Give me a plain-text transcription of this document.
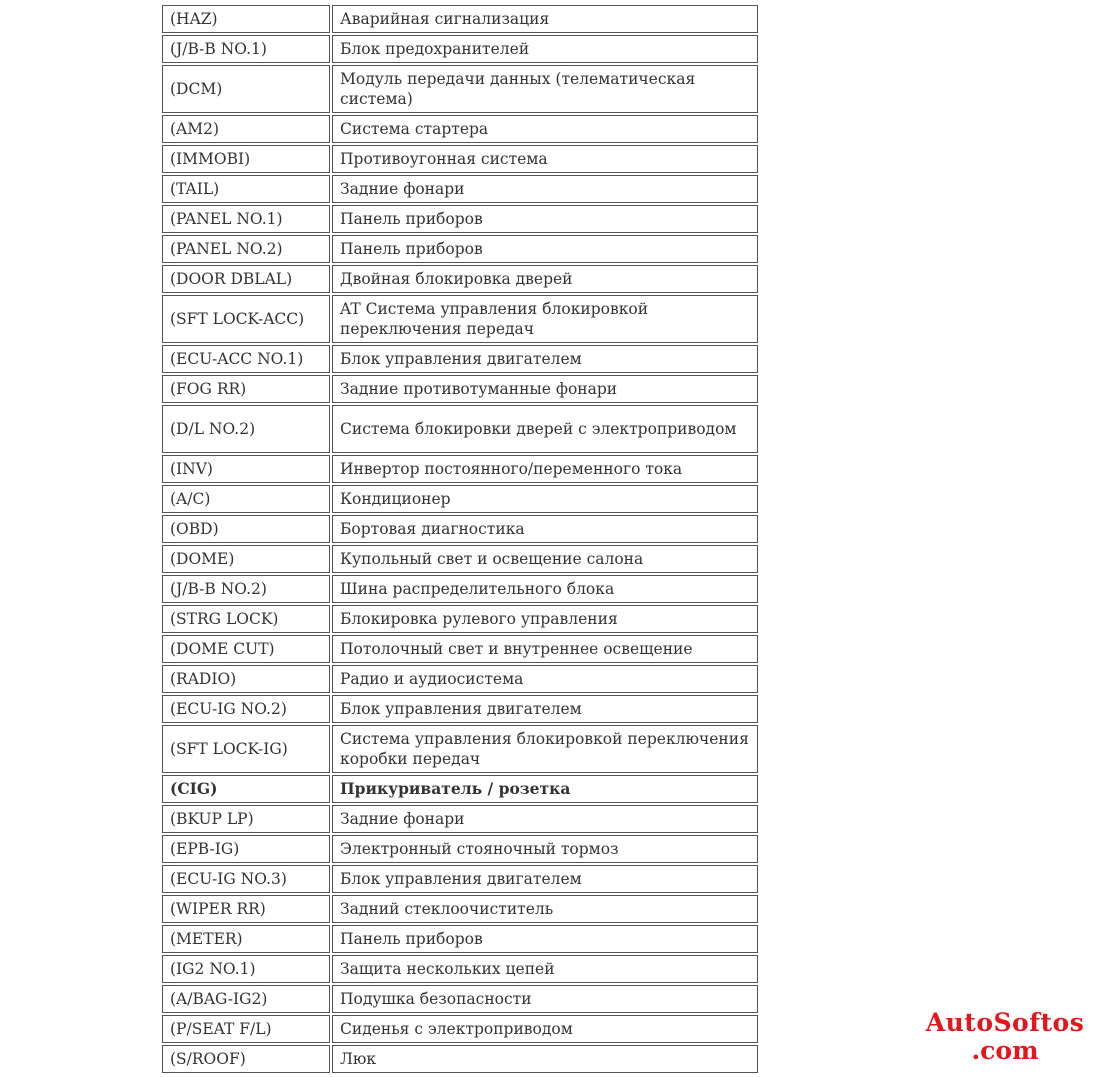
(HAZ)	Аварийная сигнализация
(J/B-B NO.1)	Блок предохранителей
(DCM)	Модуль передачи данных (телематическая система)
(AM2)	Система стартера
(IMMOBI)	Противоугонная система
(TAIL)	Задние фонари
(PANEL NO.1)	Панель приборов
(PANEL NO.2)	Панель приборов
(DOOR DBLAL)	Двойная блокировка дверей
(SFT LOCK-ACC)	AT Система управления блокировкой переключения передач
(ECU-ACC NO.1)	Блок управления двигателем
(FOG RR)	Задние противотуманные фонари
(D/L NO.2)	Система блокировки дверей с электроприводом
(INV)	Инвертор постоянного/переменного тока
(A/C)	Кондиционер
(OBD)	Бортовая диагностика
(DOME)	Купольный свет и освещение салона
(J/B-B NO.2)	Шина распределительного блока
(STRG LOCK)	Блокировка рулевого управления
(DOME CUT)	Потолочный свет и внутреннее освещение
(RADIO)	Радио и аудиосистема
(ECU-IG NO.2)	Блок управления двигателем
(SFT LOCK-IG)	Система управления блокировкой переключения коробки передач
(CIG)	Прикуриватель / розетка
(BKUP LP)	Задние фонари
(EPB-IG)	Электронный стояночный тормоз
(ECU-IG NO.3)	Блок управления двигателем
(WIPER RR)	Задний стеклоочиститель
(METER)	Панель приборов
(IG2 NO.1)	Защита нескольких цепей
(A/BAG-IG2)	Подушка безопасности
(P/SEAT F/L)	Сиденья с электроприводом
(S/ROOF)	Люк
AutoSoftos
.com
